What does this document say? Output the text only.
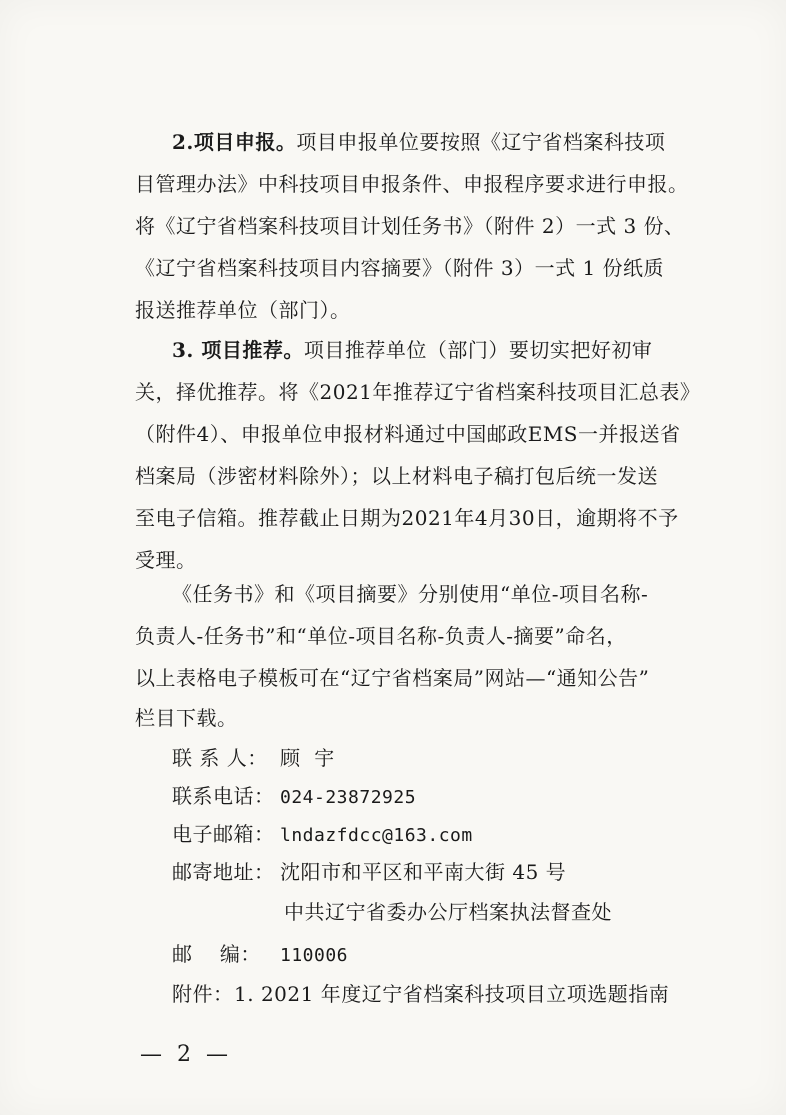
2.项目申报。项目申报单位要按照《辽宁省档案科技项
目管理办法》中科技项目申报条件、申报程序要求进行申报。
将《辽宁省档案科技项目计划任务书》（附件 2）一式 3 份、
《辽宁省档案科技项目内容摘要》（附件 3）一式 1 份纸质
报送推荐单位（部门）。
3. 项目推荐。项目推荐单位（部门）要切实把好初审
关，择优推荐。将《2021年推荐辽宁省档案科技项目汇总表》
（附件4）、申报单位申报材料通过中国邮政EMS一并报送省
档案局（涉密材料除外）；以上材料电子稿打包后统一发送
至电子信箱。推荐截止日期为2021年4月30日，逾期将不予
受理。
《任务书》和《项目摘要》分别使用“单位-项目名称-
负责人-任务书”和“单位-项目名称-负责人-摘要”命名，
以上表格电子模板可在“辽宁省档案局”网站—“通知公告”
栏目下载。
联 系 人： 顾  宇
联系电话： 024-23872925
电子邮箱： lndazfdcc@163.com
邮寄地址： 沈阳市和平区和平南大街 45 号
中共辽宁省委办公厅档案执法督查处
邮    编： 110006
附件：1. 2021 年度辽宁省档案科技项目立项选题指南
— 2 —
